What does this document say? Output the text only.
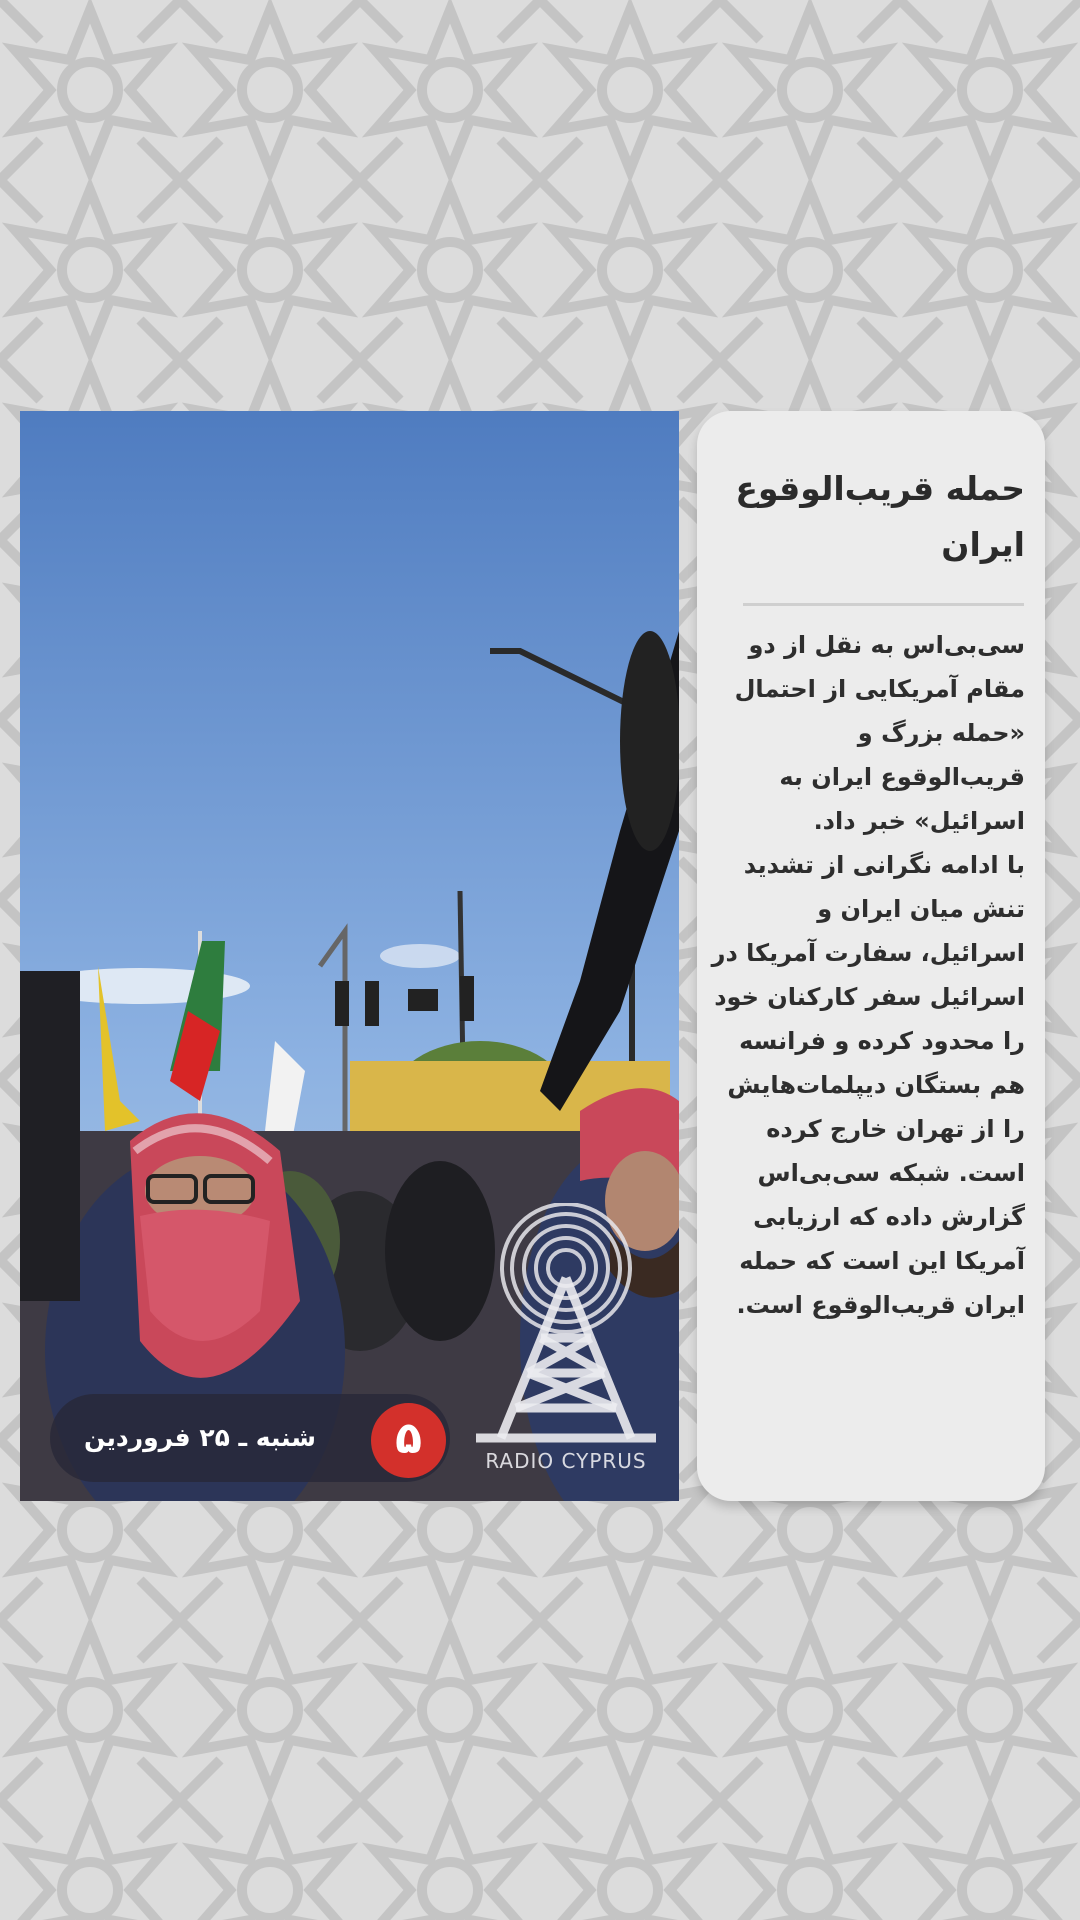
شنبه ـ ۲۵ فروردین	۵	RADIO CYPRUS
حمله قریب‌الوقوع ایران

سی‌بی‌اس به نقل از دو مقام آمریکایی از احتمال «حمله بزرگ و قریب‌الوقوع ایران به اسرائیل» خبر داد.

با ادامه نگرانی از تشدید تنش میان ایران و اسرائیل، سفارت آمریکا در اسرائیل سفر کارکنان خود را محدود کرده و فرانسه هم بستگان دیپلمات‌هایش را از تهران خارج کرده است. شبکه سی‌بی‌اس گزارش داده که ارزیابی آمریکا این است که حمله ایران قریب‌الوقوع است.
